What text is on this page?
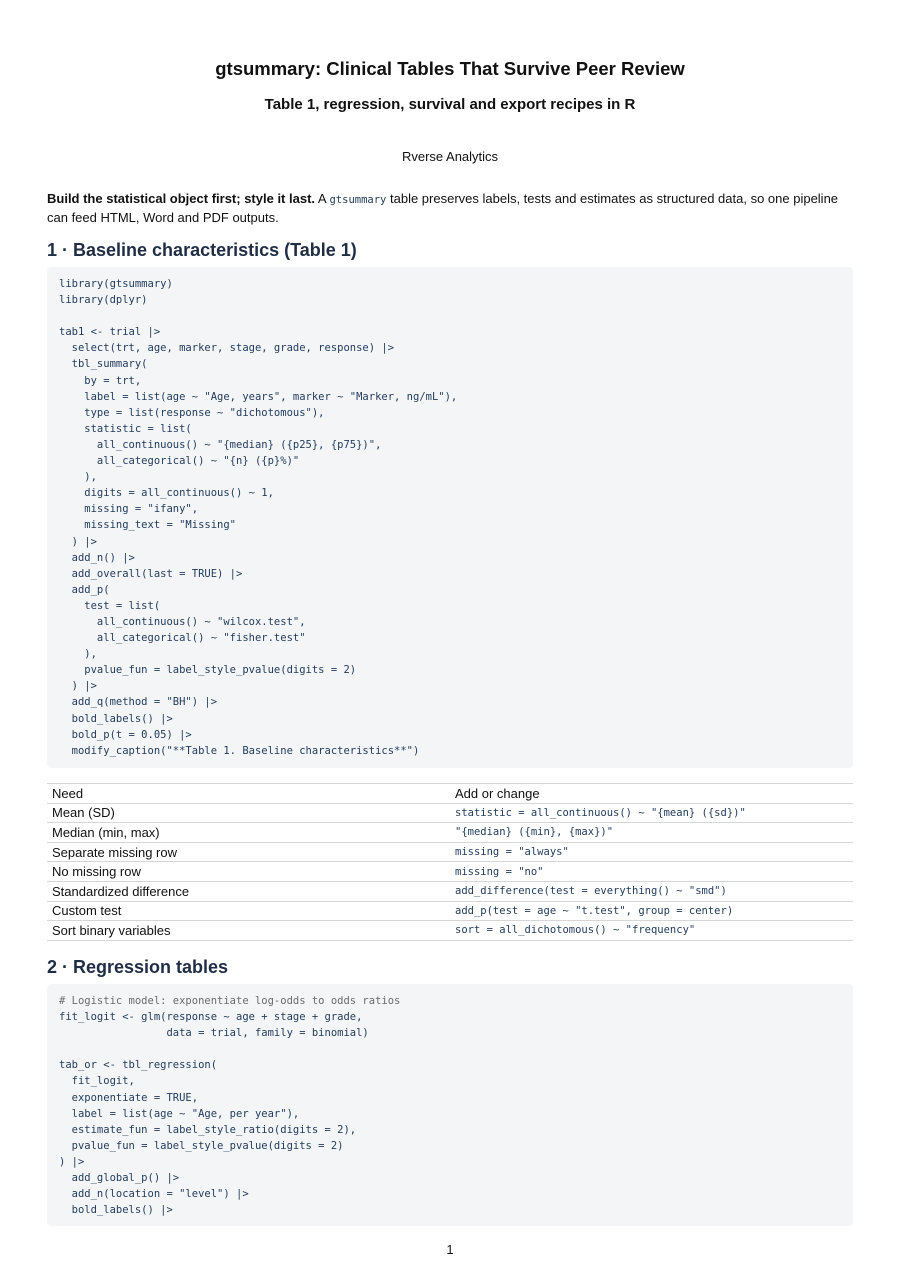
gtsummary: Clinical Tables That Survive Peer Review
Table 1, regression, survival and export recipes in R
Rverse Analytics

Build the statistical object first; style it last. A gtsummary table preserves labels, tests and estimates as structured data, so one pipeline can feed HTML, Word and PDF outputs.

1 · Baseline characteristics (Table 1)
library(gtsummary)
library(dplyr)
tab1 <- trial |>
select(trt, age, marker, stage, grade, response) |>
tbl_summary(
by = trt,
label = list(age ~ "Age, years", marker ~ "Marker, ng/mL"),
type = list(response ~ "dichotomous"),
statistic = list(
all_continuous() ~ "{median} ({p25}, {p75})",
all_categorical() ~ "{n} ({p}%)"
),
digits = all_continuous() ~ 1,
missing = "ifany",
missing_text = "Missing"
) |>
add_n() |>
add_overall(last = TRUE) |>
add_p(
test = list(
all_continuous() ~ "wilcox.test",
all_categorical() ~ "fisher.test"
),
pvalue_fun = label_style_pvalue(digits = 2)
) |>
add_q(method = "BH") |>
bold_labels() |>
bold_p(t = 0.05) |>
modify_caption("**Table 1. Baseline characteristics**")
Need	Add or change
Mean (SD)	statistic = all_continuous() ~ "{mean} ({sd})"
Median (min, max)	"{median} ({min}, {max})"
Separate missing row	missing = "always"
No missing row	missing = "no"
Standardized difference	add_difference(test = everything() ~ "smd")
Custom test	add_p(test = age ~ "t.test", group = center)
Sort binary variables	sort = all_dichotomous() ~ "frequency"
2 · Regression tables
# Logistic model: exponentiate log-odds to odds ratios
fit_logit <- glm(response ~ age + stage + grade,
data = trial, family = binomial)
tab_or <- tbl_regression(
fit_logit,
exponentiate = TRUE,
label = list(age ~ "Age, per year"),
estimate_fun = label_style_ratio(digits = 2),
pvalue_fun = label_style_pvalue(digits = 2)
) |>
add_global_p() |>
add_n(location = "level") |>
bold_labels() |>
1
